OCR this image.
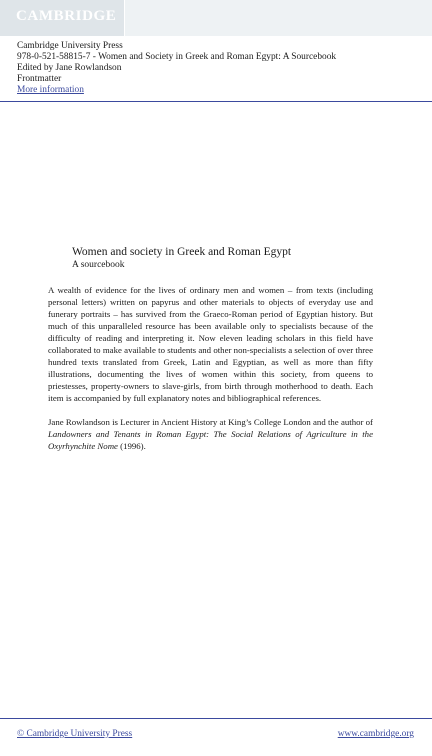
CAMBRIDGE
Cambridge University Press
978-0-521-58815-7 - Women and Society in Greek and Roman Egypt: A Sourcebook
Edited by Jane Rowlandson
Frontmatter
More information
Women and society in Greek and Roman Egypt
A sourcebook

A wealth of evidence for the lives of ordinary men and women – from texts (including personal letters) written on papyrus and other materials to objects of everyday use and funerary portraits – has survived from the Graeco-Roman period of Egyptian history. But much of this unparalleled resource has been available only to specialists because of the difficulty of reading and interpreting it. Now eleven leading scholars in this field have collaborated to make available to students and other non-specialists a selection of over three hundred texts translated from Greek, Latin and Egyptian, as well as more than fifty illustrations, documenting the lives of women within this society, from queens to priestesses, property-owners to slave-girls, from birth through motherhood to death. Each item is accompanied by full explanatory notes and bibliographical references.

Jane Rowlandson is Lecturer in Ancient History at King’s College London and the author of Landowners and Tenants in Roman Egypt: The Social Relations of Agriculture in the Oxyrhynchite Nome (1996).

© Cambridge University Press	www.cambridge.org
